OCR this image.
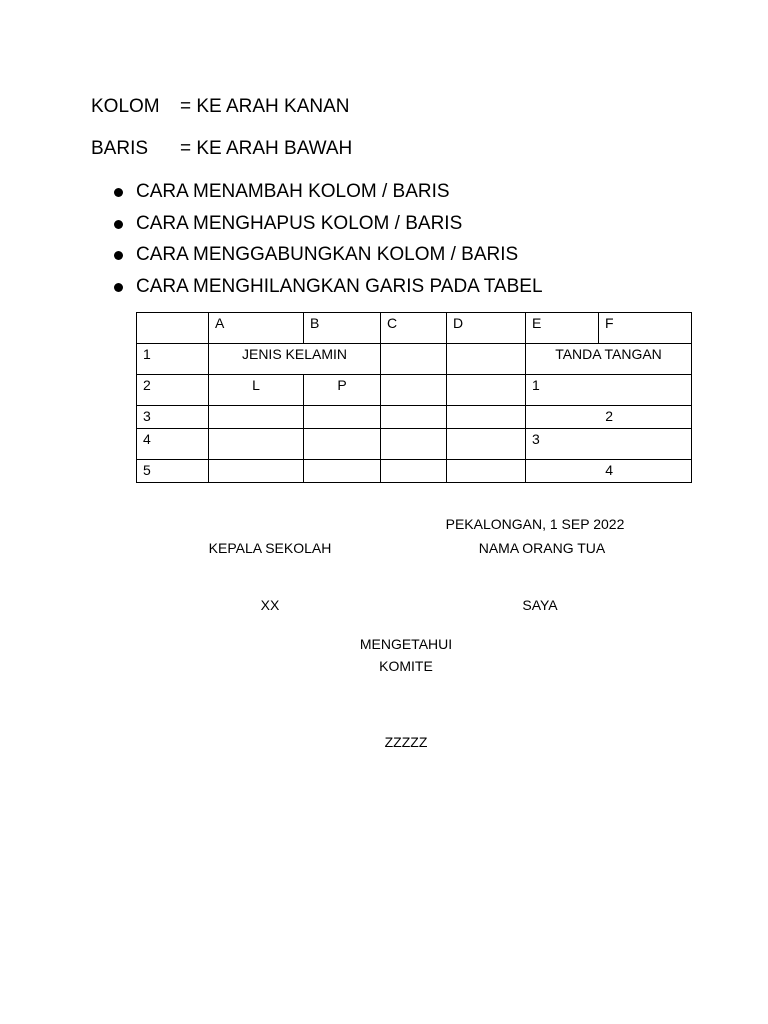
KOLOM = KE ARAH KANAN
BARIS = KE ARAH BAWAH
CARA MENAMBAH KOLOM / BARIS
CARA MENGHAPUS KOLOM / BARIS
CARA MENGGABUNGKAN KOLOM / BARIS
CARA MENGHILANGKAN GARIS PADA TABEL
	A	B	C	D	E	F
1	JENIS KELAMIN				TANDA TANGAN	
2	L	P			1	
3					2	
4					3	
5					4	
PEKALONGAN, 1 SEP 2022
KEPALA SEKOLAH	NAMA ORANG TUA
XX	SAYA
MENGETAHUI
KOMITE
ZZZZZ
